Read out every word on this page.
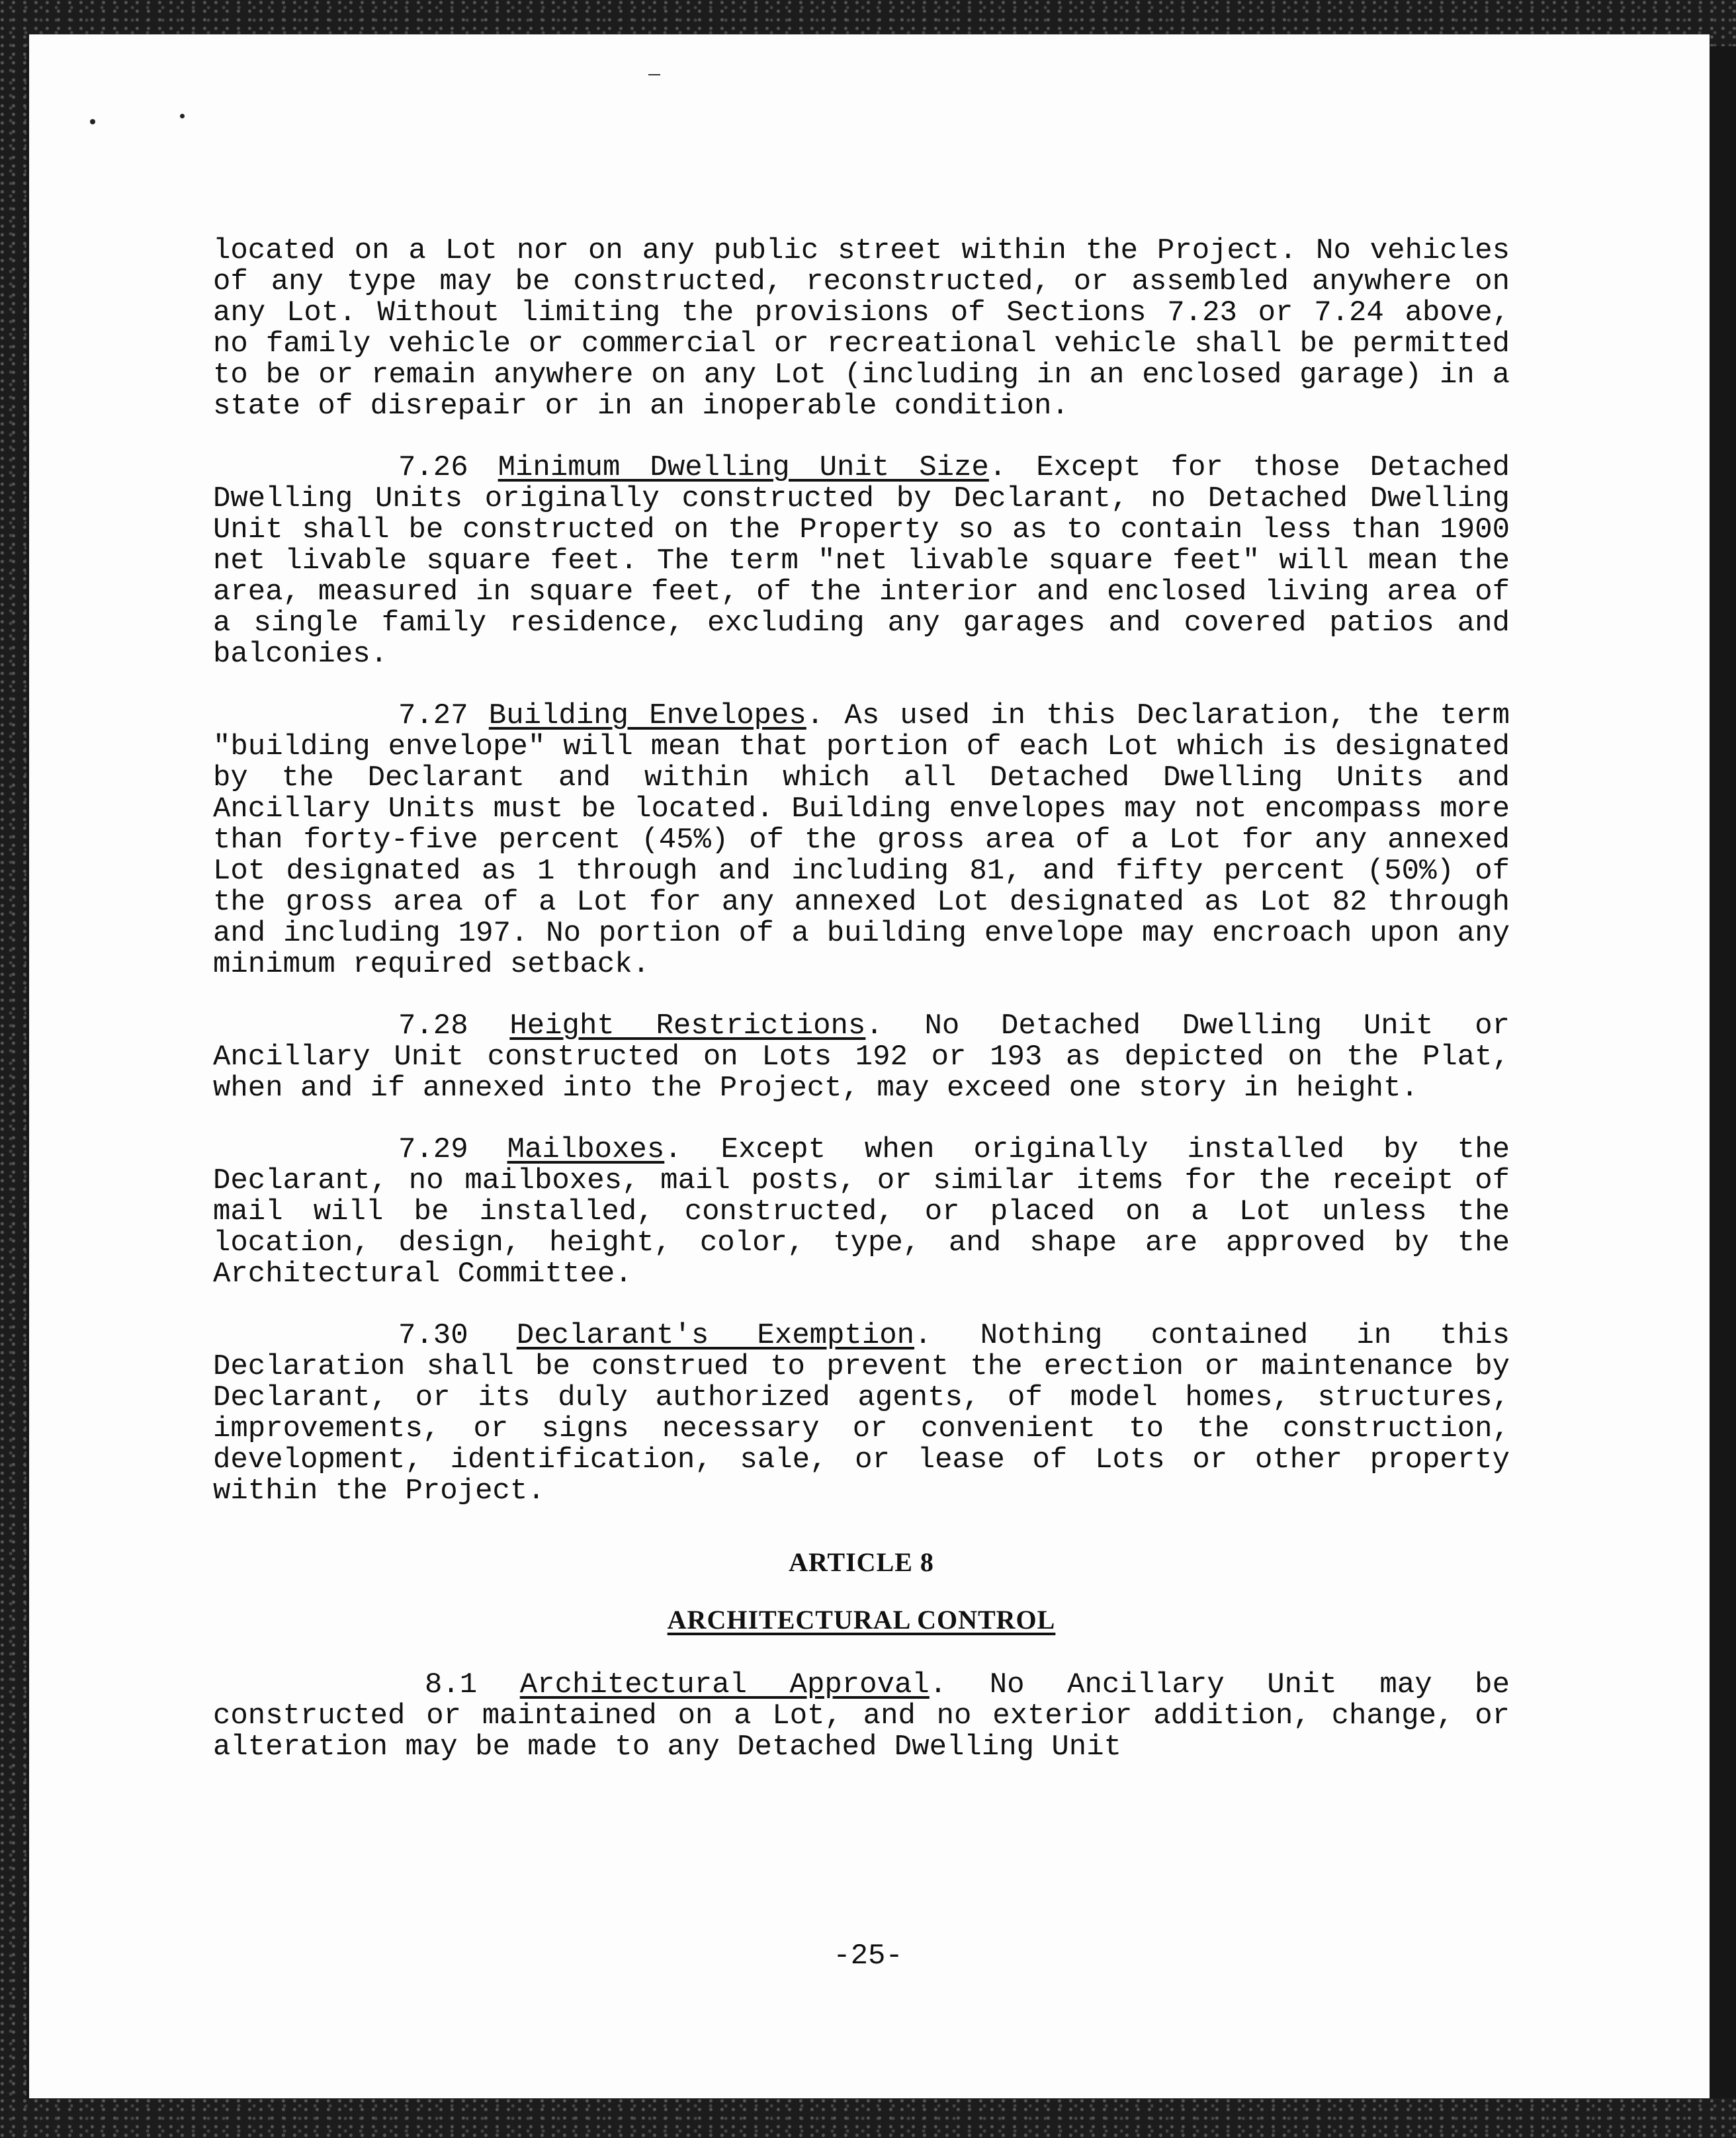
located on a Lot nor on any public street within the Project. No vehicles of any type may be constructed, reconstructed, or assembled anywhere on any Lot. Without limiting the provisions of Sections 7.23 or 7.24 above, no family vehicle or commercial or recreational vehicle shall be permitted to be or remain anywhere on any Lot (including in an enclosed garage) in a state of disrepair or in an inoperable condition.

7.26 Minimum Dwelling Unit Size. Except for those Detached Dwelling Units originally constructed by Declarant, no Detached Dwelling Unit shall be constructed on the Property so as to contain less than 1900 net livable square feet. The term "net livable square feet" will mean the area, measured in square feet, of the interior and enclosed living area of a single family residence, excluding any garages and covered patios and balconies.

7.27 Building Envelopes. As used in this Declaration, the term "building envelope" will mean that portion of each Lot which is designated by the Declarant and within which all Detached Dwelling Units and Ancillary Units must be located. Building envelopes may not encompass more than forty-five percent (45%) of the gross area of a Lot for any annexed Lot designated as 1 through and including 81, and fifty percent (50%) of the gross area of a Lot for any annexed Lot designated as Lot 82 through and including 197. No portion of a building envelope may encroach upon any minimum required setback.

7.28 Height Restrictions. No Detached Dwelling Unit or Ancillary Unit constructed on Lots 192 or 193 as depicted on the Plat, when and if annexed into the Project, may exceed one story in height.

7.29 Mailboxes. Except when originally installed by the Declarant, no mailboxes, mail posts, or similar items for the receipt of mail will be installed, constructed, or placed on a Lot unless the location, design, height, color, type, and shape are approved by the Architectural Committee.

7.30 Declarant's Exemption. Nothing contained in this Declaration shall be construed to prevent the erection or maintenance by Declarant, or its duly authorized agents, of model homes, structures, improvements, or signs necessary or convenient to the construction, development, identification, sale, or lease of Lots or other property within the Project.

ARTICLE 8

ARCHITECTURAL CONTROL

8.1 Architectural Approval. No Ancillary Unit may be constructed or maintained on a Lot, and no exterior addition, change, or alteration may be made to any Detached Dwelling Unit

-25-
